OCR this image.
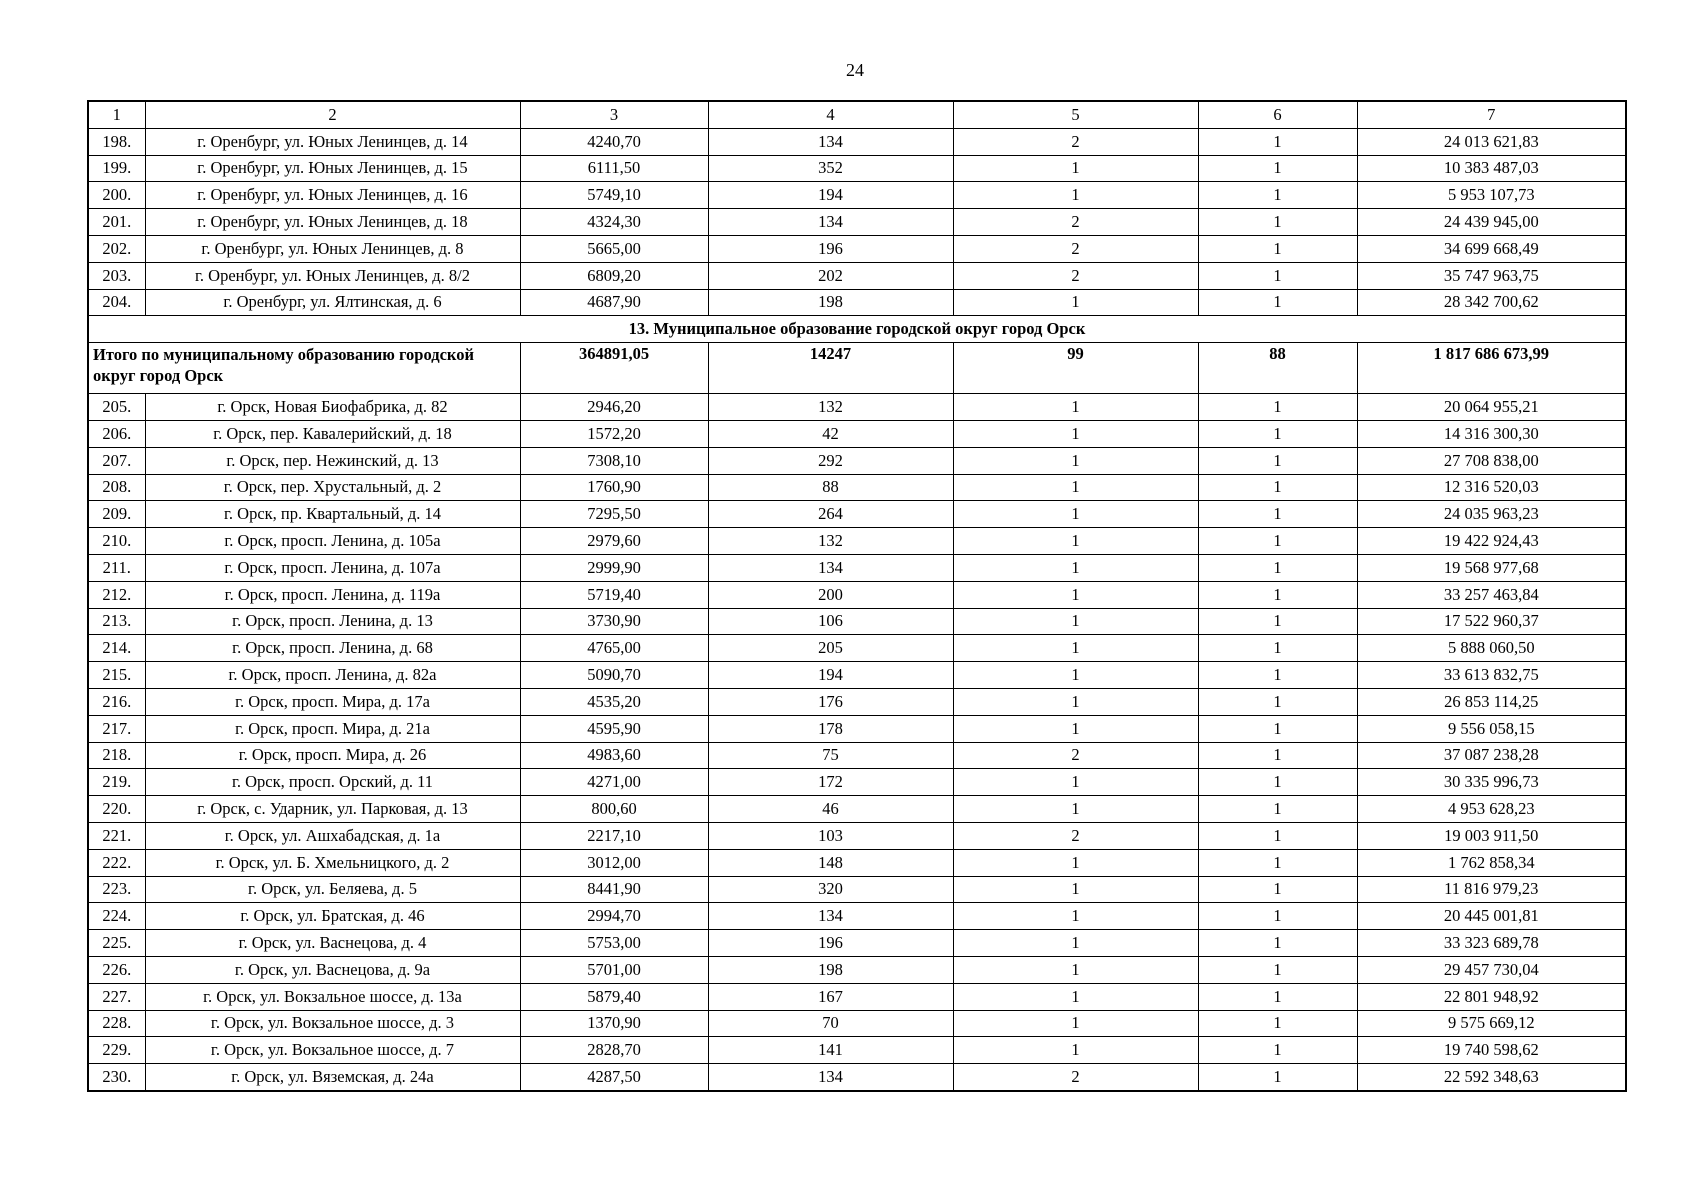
24
1	2	3	4	5	6	7
198.	г. Оренбург, ул. Юных Ленинцев, д. 14	4240,70	134	2	1	24 013 621,83
199.	г. Оренбург, ул. Юных Ленинцев, д. 15	6111,50	352	1	1	10 383 487,03
200.	г. Оренбург, ул. Юных Ленинцев, д. 16	5749,10	194	1	1	5 953 107,73
201.	г. Оренбург, ул. Юных Ленинцев, д. 18	4324,30	134	2	1	24 439 945,00
202.	г. Оренбург, ул. Юных Ленинцев, д. 8	5665,00	196	2	1	34 699 668,49
203.	г. Оренбург, ул. Юных Ленинцев, д. 8/2	6809,20	202	2	1	35 747 963,75
204.	г. Оренбург, ул. Ялтинская, д. 6	4687,90	198	1	1	28 342 700,62
13. Муниципальное образование городской округ город Орск						
Итого по муниципальному образованию городской округ город Орск		364891,05	14247	99	88	1 817 686 673,99
205.	г. Орск, Новая Биофабрика, д. 82	2946,20	132	1	1	20 064 955,21
206.	г. Орск, пер. Кавалерийский, д. 18	1572,20	42	1	1	14 316 300,30
207.	г. Орск, пер. Нежинский, д. 13	7308,10	292	1	1	27 708 838,00
208.	г. Орск, пер. Хрустальный, д. 2	1760,90	88	1	1	12 316 520,03
209.	г. Орск, пр. Квартальный, д. 14	7295,50	264	1	1	24 035 963,23
210.	г. Орск, просп. Ленина, д. 105а	2979,60	132	1	1	19 422 924,43
211.	г. Орск, просп. Ленина, д. 107а	2999,90	134	1	1	19 568 977,68
212.	г. Орск, просп. Ленина, д. 119а	5719,40	200	1	1	33 257 463,84
213.	г. Орск, просп. Ленина, д. 13	3730,90	106	1	1	17 522 960,37
214.	г. Орск, просп. Ленина, д. 68	4765,00	205	1	1	5 888 060,50
215.	г. Орск, просп. Ленина, д. 82а	5090,70	194	1	1	33 613 832,75
216.	г. Орск, просп. Мира, д. 17а	4535,20	176	1	1	26 853 114,25
217.	г. Орск, просп. Мира, д. 21а	4595,90	178	1	1	9 556 058,15
218.	г. Орск, просп. Мира, д. 26	4983,60	75	2	1	37 087 238,28
219.	г. Орск, просп. Орский, д. 11	4271,00	172	1	1	30 335 996,73
220.	г. Орск, с. Ударник, ул. Парковая, д. 13	800,60	46	1	1	4 953 628,23
221.	г. Орск, ул. Ашхабадская, д. 1а	2217,10	103	2	1	19 003 911,50
222.	г. Орск, ул. Б. Хмельницкого, д. 2	3012,00	148	1	1	1 762 858,34
223.	г. Орск, ул. Беляева, д. 5	8441,90	320	1	1	11 816 979,23
224.	г. Орск, ул. Братская, д. 46	2994,70	134	1	1	20 445 001,81
225.	г. Орск, ул. Васнецова, д. 4	5753,00	196	1	1	33 323 689,78
226.	г. Орск, ул. Васнецова, д. 9а	5701,00	198	1	1	29 457 730,04
227.	г. Орск, ул. Вокзальное шоссе, д. 13а	5879,40	167	1	1	22 801 948,92
228.	г. Орск, ул. Вокзальное шоссе, д. 3	1370,90	70	1	1	9 575 669,12
229.	г. Орск, ул. Вокзальное шоссе, д. 7	2828,70	141	1	1	19 740 598,62
230.	г. Орск, ул. Вяземская, д. 24а	4287,50	134	2	1	22 592 348,63
